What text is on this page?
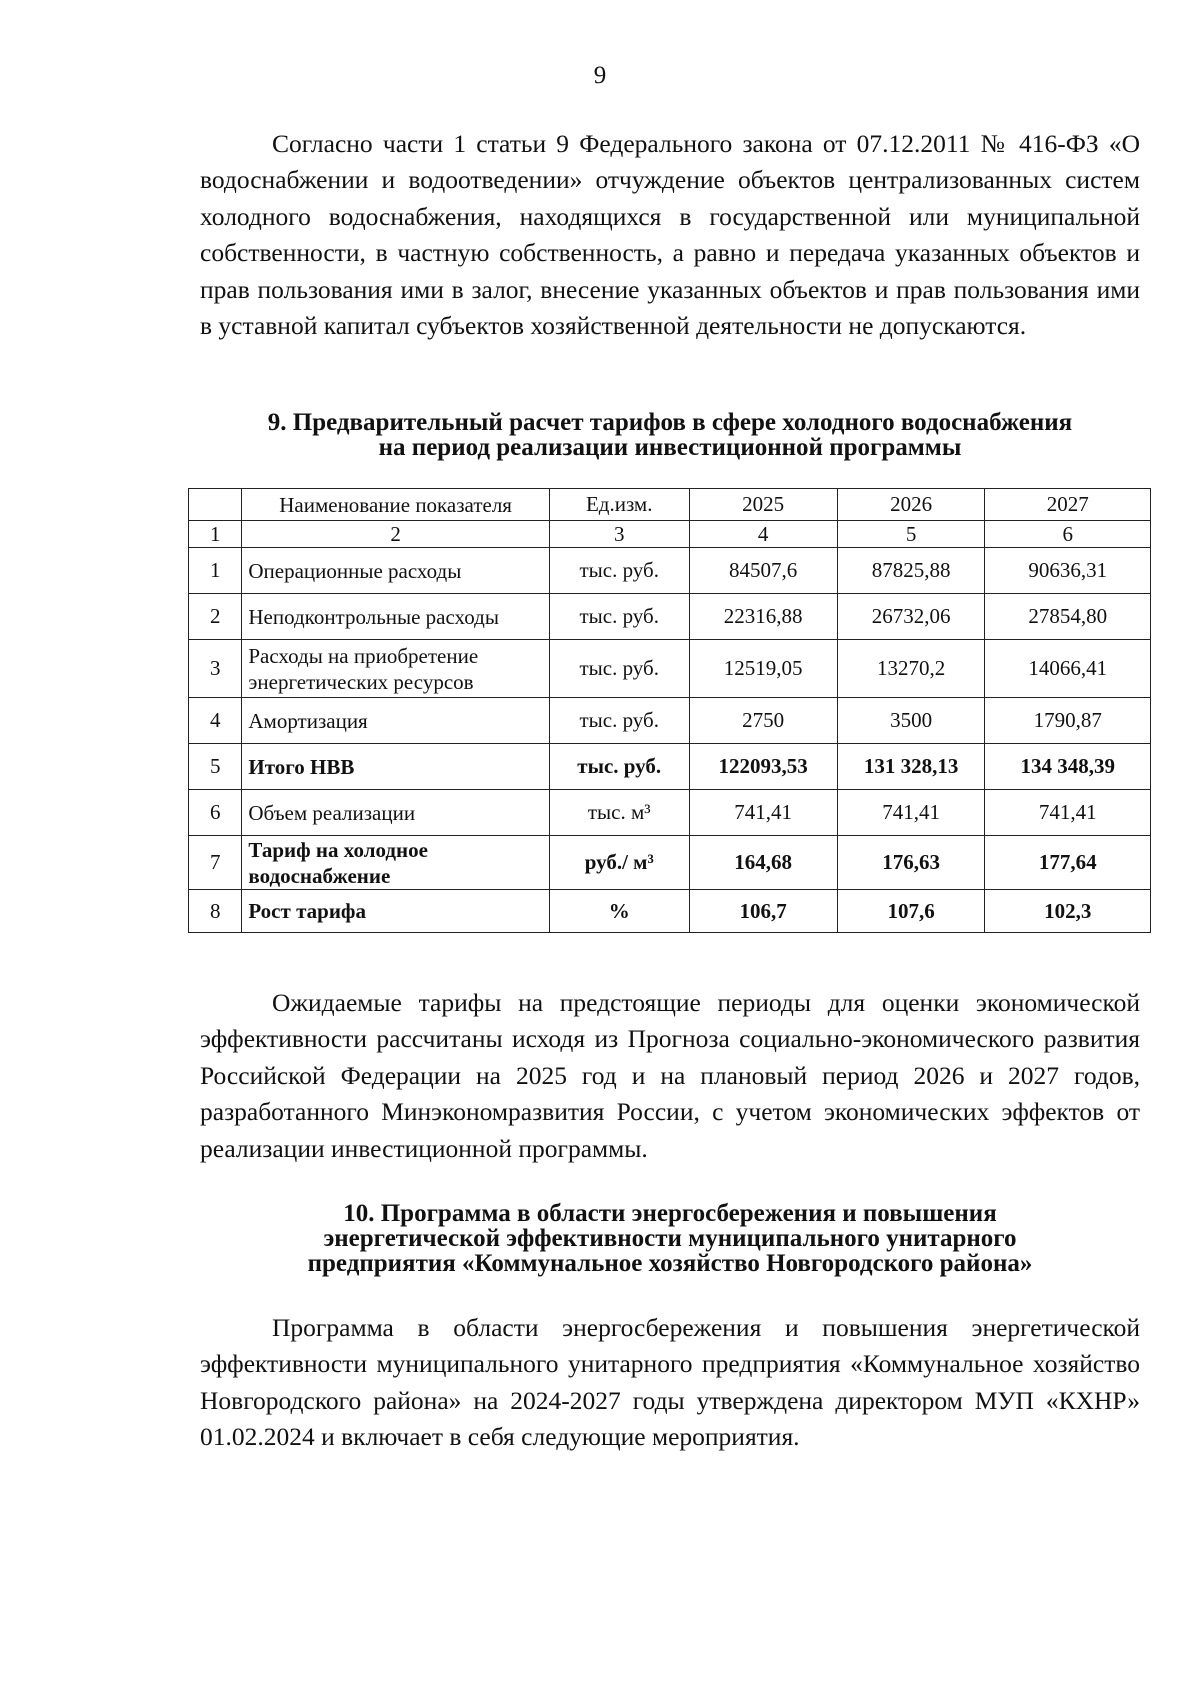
9

Согласно части 1 статьи 9 Федерального закона от 07.12.2011 № 416-ФЗ «О водоснабжении и водоотведении» отчуждение объектов централизованных систем холодного водоснабжения, находящихся в государственной или муниципальной собственности, в частную собственность, а равно и передача указанных объектов и прав пользования ими в залог, внесение указанных объектов и прав пользования ими в уставной капитал субъектов хозяйственной деятельности не допускаются.

9. Предварительный расчет тарифов в сфере холодного водоснабжения
на период реализации инвестиционной программы
	Наименование показателя	Ед.изм.	2025	2026	2027
1	2	3	4	5	6
1	Операционные расходы	тыс. руб.	84507,6	87825,88	90636,31
2	Неподконтрольные расходы	тыс. руб.	22316,88	26732,06	27854,80
3	Расходы на приобретение энергетических ресурсов	тыс. руб.	12519,05	13270,2	14066,41
4	Амортизация	тыс. руб.	2750	3500	1790,87
5	Итого НВВ	тыс. руб.	122093,53	131 328,13	134 348,39
6	Объем реализации	тыс. м³	741,41	741,41	741,41
7	Тариф на холодное водоснабжение	руб./ м³	164,68	176,63	177,64
8	Рост тарифа	%	106,7	107,6	102,3

Ожидаемые тарифы на предстоящие периоды для оценки экономической эффективности рассчитаны исходя из Прогноза социально-экономического развития Российской Федерации на 2025 год и на плановый период 2026 и 2027 годов, разработанного Минэкономразвития России, с учетом экономических эффектов от реализации инвестиционной программы.

10. Программа в области энергосбережения и повышения
энергетической эффективности муниципального унитарного
предприятия «Коммунальное хозяйство Новгородского района»

Программа в области энергосбережения и повышения энергетической эффективности муниципального унитарного предприятия «Коммунальное хозяйство Новгородского района» на 2024-2027 годы утверждена директором МУП «КХНР» 01.02.2024 и включает в себя следующие мероприятия.
